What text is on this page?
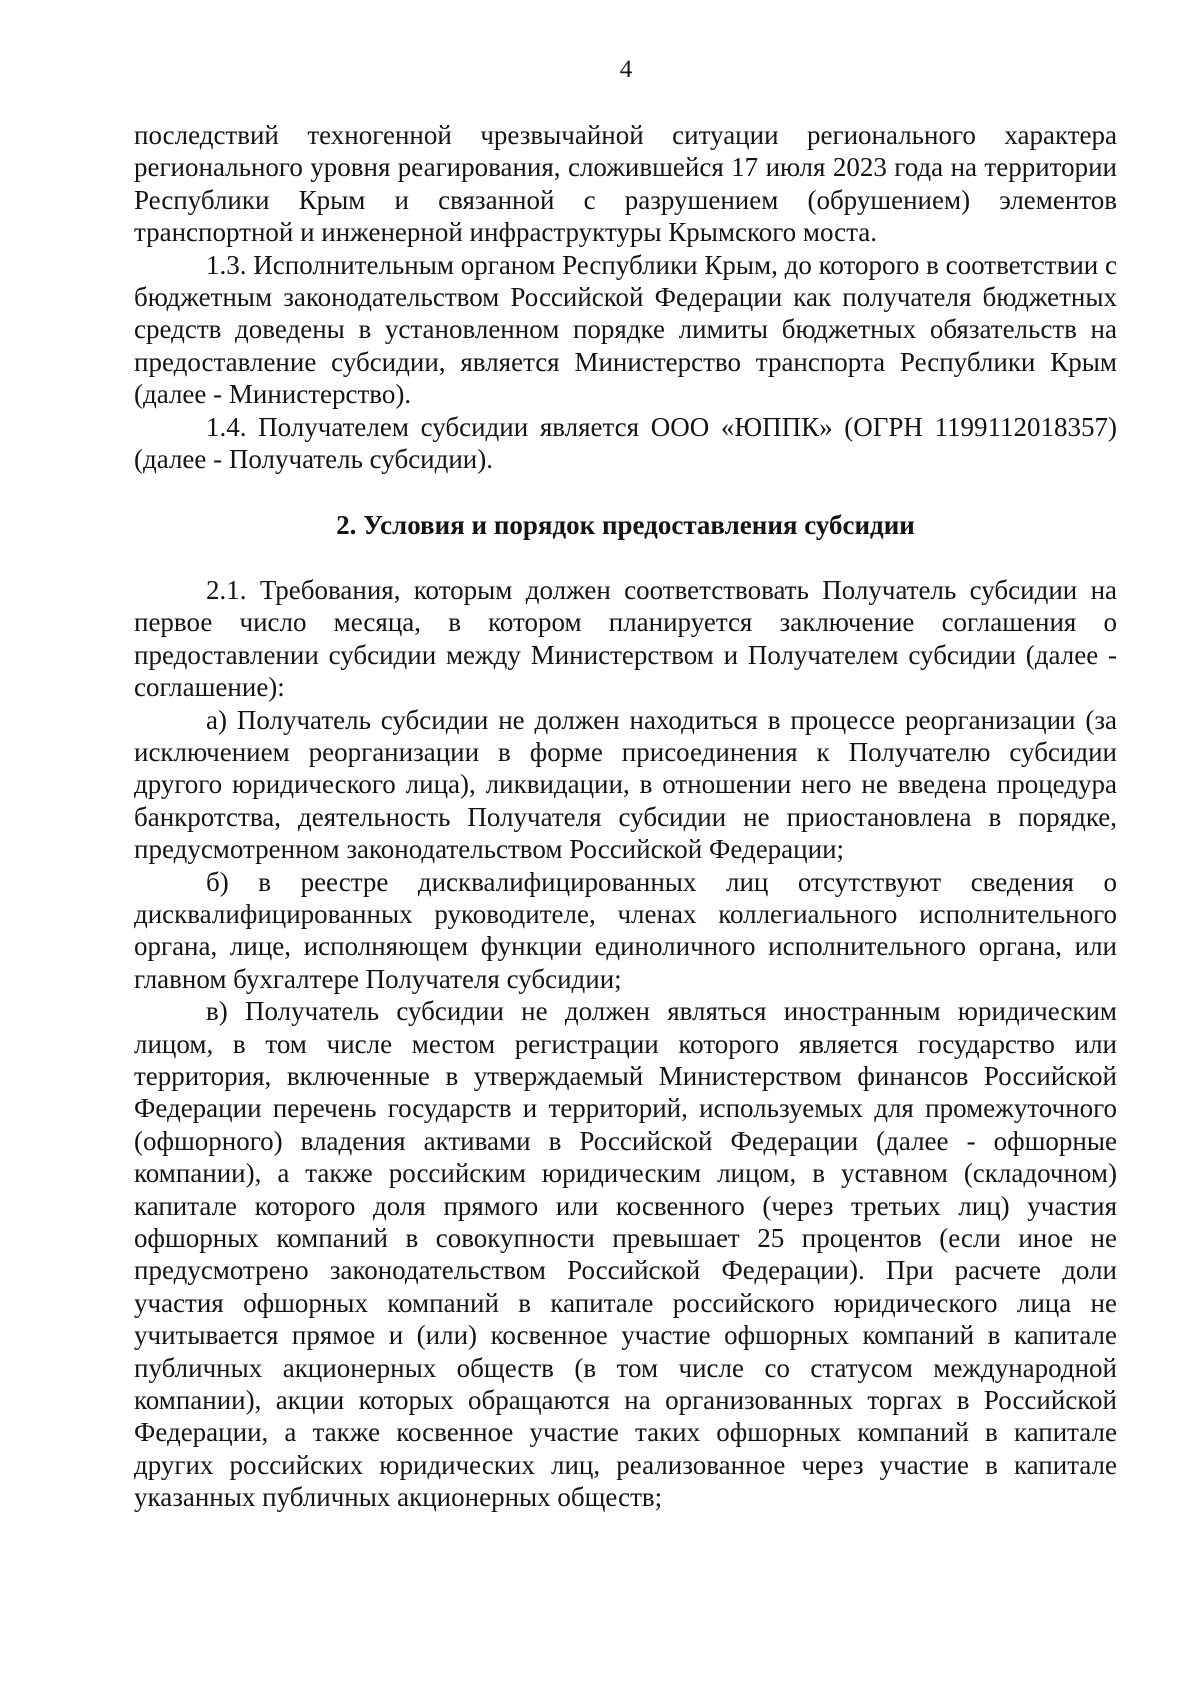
4

последствий техногенной чрезвычайной ситуации регионального характера регионального уровня реагирования, сложившейся 17 июля 2023 года на территории Республики Крым и связанной с разрушением (обрушением) элементов транспортной и инженерной инфраструктуры Крымского моста.

1.3. Исполнительным органом Республики Крым, до которого в соответствии с бюджетным законодательством Российской Федерации как получателя бюджетных средств доведены в установленном порядке лимиты бюджетных обязательств на предоставление субсидии, является Министерство транспорта Республики Крым (далее - Министерство).

1.4. Получателем субсидии является ООО «ЮППК» (ОГРН 1199112018357) (далее - Получатель субсидии).

2. Условия и порядок предоставления субсидии

2.1. Требования, которым должен соответствовать Получатель субсидии на первое число месяца, в котором планируется заключение соглашения о предоставлении субсидии между Министерством и Получателем субсидии (далее - соглашение):

а) Получатель субсидии не должен находиться в процессе реорганизации (за исключением реорганизации в форме присоединения к Получателю субсидии другого юридического лица), ликвидации, в отношении него не введена процедура банкротства, деятельность Получателя субсидии не приостановлена в порядке, предусмотренном законодательством Российской Федерации;

б) в реестре дисквалифицированных лиц отсутствуют сведения о дисквалифицированных руководителе, членах коллегиального исполнительного органа, лице, исполняющем функции единоличного исполнительного органа, или главном бухгалтере Получателя субсидии;

в) Получатель субсидии не должен являться иностранным юридическим лицом, в том числе местом регистрации которого является государство или территория, включенные в утверждаемый Министерством финансов Российской Федерации перечень государств и территорий, используемых для промежуточного (офшорного) владения активами в Российской Федерации (далее - офшорные компании), а также российским юридическим лицом, в уставном (складочном) капитале которого доля прямого или косвенного (через третьих лиц) участия офшорных компаний в совокупности превышает 25 процентов (если иное не предусмотрено законодательством Российской Федерации). При расчете доли участия офшорных компаний в капитале российского юридического лица не учитывается прямое и (или) косвенное участие офшорных компаний в капитале публичных акционерных обществ (в том числе со статусом международной компании), акции которых обращаются на организованных торгах в Российской Федерации, а также косвенное участие таких офшорных компаний в капитале других российских юридических лиц, реализованное через участие в капитале указанных публичных акционерных обществ;
